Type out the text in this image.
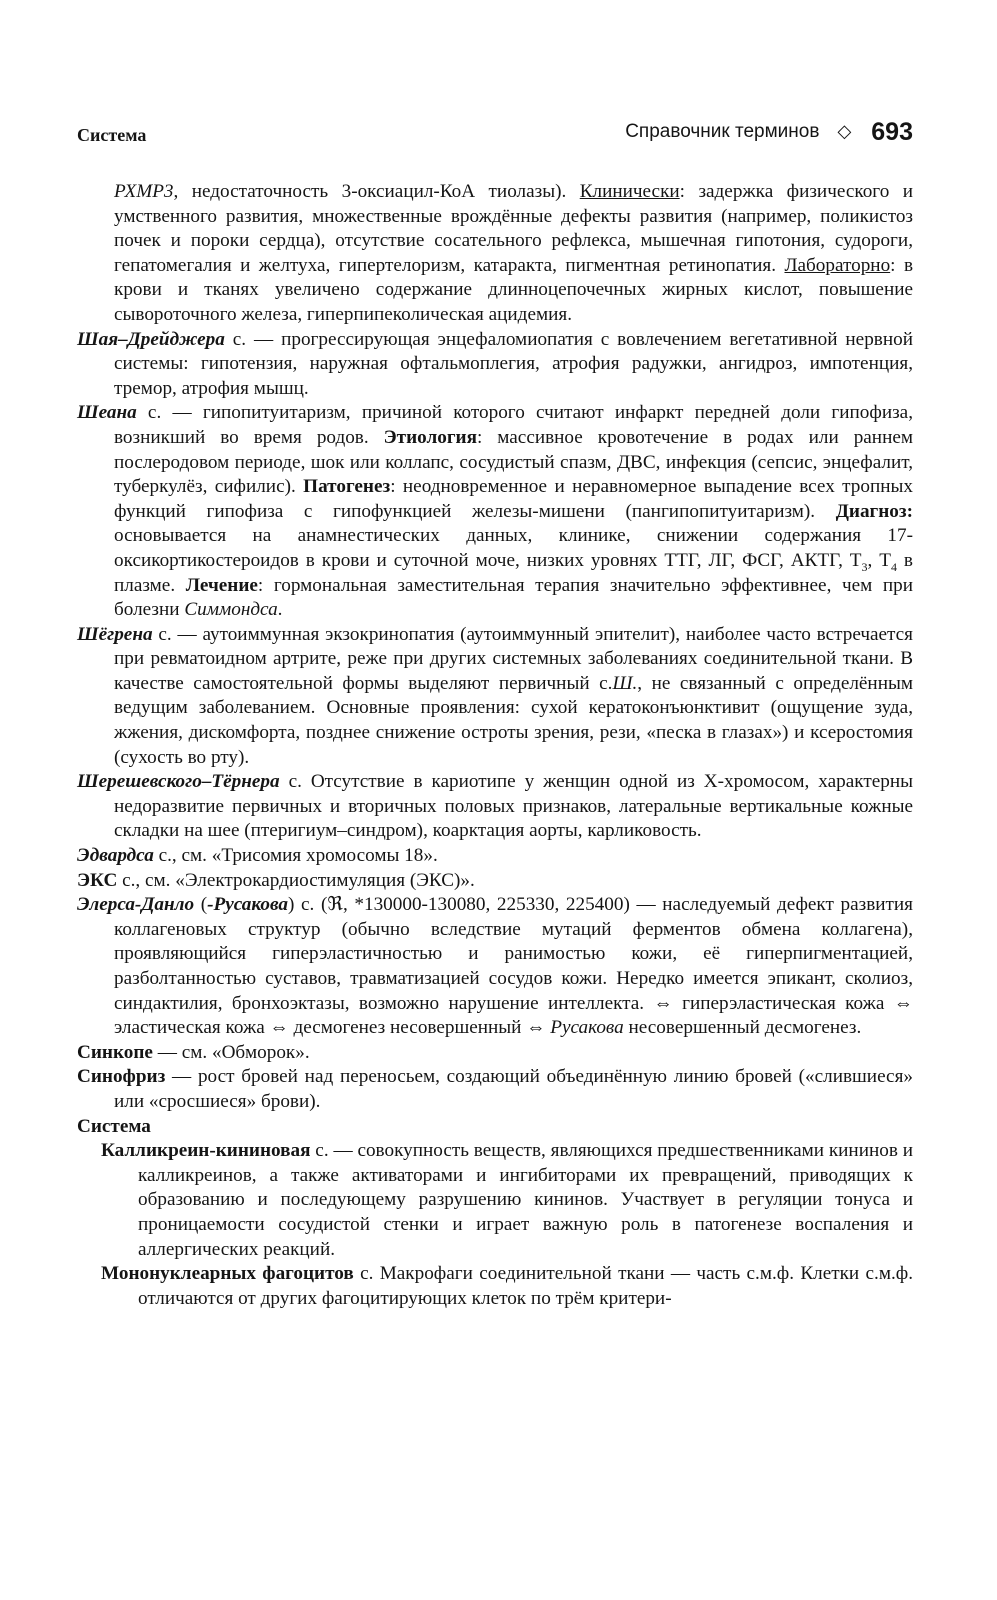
Система	Справочник терминов ◇ 693

РХМР3, недостаточность 3-оксиацил-КоА тиолазы). Клинически: задержка физического и умственного развития, множественные врождённые дефекты развития (например, поликистоз почек и пороки сердца), отсутствие сосательного рефлекса, мышечная гипотония, судороги, гепатомегалия и желтуха, гипертелоризм, катаракта, пигментная ретинопатия. Лабораторно: в крови и тканях увеличено содержание длинноцепочечных жирных кислот, повышение сывороточного железа, гиперпипеколическая ацидемия.

Шая–Дрейджера с. — прогрессирующая энцефаломиопатия с вовлечением вегетативной нервной системы: гипотензия, наружная офтальмоплегия, атрофия радужки, ангидроз, импотенция, тремор, атрофия мышц.

Шеана с. — гипопитуитаризм, причиной которого считают инфаркт передней доли гипофиза, возникший во время родов. Этиология: массивное кровотечение в родах или раннем послеродовом периоде, шок или коллапс, сосудистый спазм, ДВС, инфекция (сепсис, энцефалит, туберкулёз, сифилис). Патогенез: неодновременное и неравномерное выпадение всех тропных функций гипофиза с гипофункцией железы-мишени (пангипопитуитаризм). Диагноз: основывается на анамнестических данных, клинике, снижении содержания 17-оксикортикостероидов в крови и суточной моче, низких уровнях ТТГ, ЛГ, ФСГ, АКТГ, $Т_3$, $Т_4$ в плазме. Лечение: гормональная заместительная терапия значительно эффективнее, чем при болезни Симмондса.

Шёгрена с. — аутоиммунная экзокринопатия (аутоиммунный эпителит), наиболее часто встречается при ревматоидном артрите, реже при других системных заболеваниях соединительной ткани. В качестве самостоятельной формы выделяют первичный с.Ш., не связанный с определённым ведущим заболеванием. Основные проявления: сухой кератоконъюнктивит (ощущение зуда, жжения, дискомфорта, позднее снижение остроты зрения, рези, «песка в глазах») и ксеростомия (сухость во рту).

Шерешевского–Тёрнера с. Отсутствие в кариотипе у женщин одной из X-хромосом, характерны недоразвитие первичных и вторичных половых признаков, латеральные вертикальные кожные складки на шее (птеригиум–синдром), коарктация аорты, карликовость.

Эдвардса с., см. «Трисомия хромосомы 18».

ЭКС с., см. «Электрокардиостимуляция (ЭКС)».

Элерса-Данло (-Русакова) с. (ℜ, *130000-130080, 225330, 225400) — наследуемый дефект развития коллагеновых структур (обычно вследствие мутаций ферментов обмена коллагена), проявляющийся гиперэластичностью и ранимостью кожи, её гиперпигментацией, разболтанностью суставов, травматизацией сосудов кожи. Нередко имеется эпикант, сколиоз, синдактилия, бронхоэктазы, возможно нарушение интеллекта. ⇔ гиперэластическая кожа ⇔ эластическая кожа ⇔ десмогенез несовершенный ⇔ Русакова несовершенный десмогенез.

Синкопе — см. «Обморок».

Синофриз — рост бровей над переносьем, создающий объединённую линию бровей («слившиеся» или «сросшиеся» брови).

Система

Калликреин-кининовая с. — совокупность веществ, являющихся предшественниками кининов и калликреинов, а также активаторами и ингибиторами их превращений, приводящих к образованию и последующему разрушению кининов. Участвует в регуляции тонуса и проницаемости сосудистой стенки и играет важную роль в патогенезе воспаления и аллергических реакций.

Мононуклеарных фагоцитов с. Макрофаги соединительной ткани — часть с.м.ф. Клетки с.м.ф. отличаются от других фагоцитирующих клеток по трём критери-
